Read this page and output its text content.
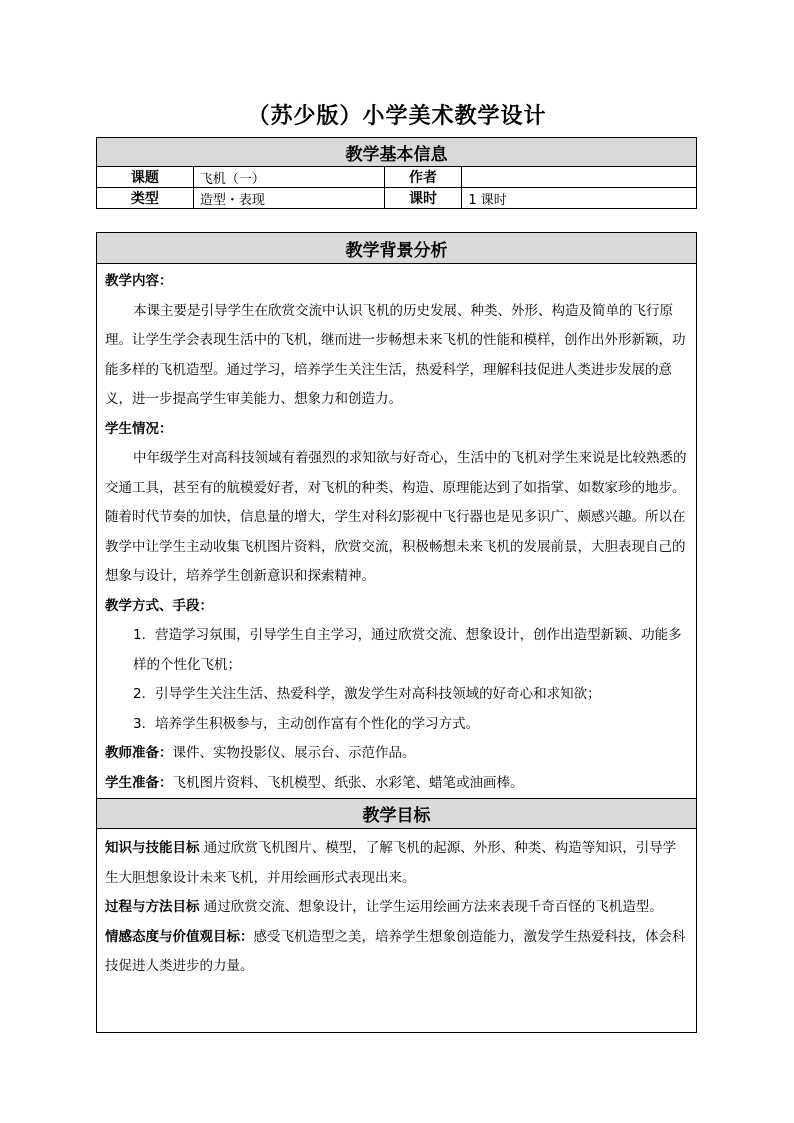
（苏少版）小学美术教学设计
教学基本信息			
课题	飞机（一）	作者	
类型	造型・表现	课时	1 课时
教学背景分析

教学内容：

本课主要是引导学生在欣赏交流中认识飞机的历史发展、种类、外形、构造及简单的飞行原理。让学生学会表现生活中的飞机，继而进一步畅想未来飞机的性能和模样，创作出外形新颖，功能多样的飞机造型。通过学习，培养学生关注生活，热爱科学，理解科技促进人类进步发展的意义，进一步提高学生审美能力、想象力和创造力。

学生情况：

中年级学生对高科技领域有着强烈的求知欲与好奇心，生活中的飞机对学生来说是比较熟悉的交通工具，甚至有的航模爱好者，对飞机的种类、构造、原理能达到了如指掌、如数家珍的地步。随着时代节奏的加快，信息量的增大，学生对科幻影视中飞行器也是见多识广、颇感兴趣。所以在教学中让学生主动收集飞机图片资料，欣赏交流，积极畅想未来飞机的发展前景，大胆表现自己的想象与设计，培养学生创新意识和探索精神。

教学方式、手段：

1．营造学习氛围，引导学生自主学习，通过欣赏交流、想象设计，创作出造型新颖、功能多样的个性化飞机；

2．引导学生关注生活、热爱科学，激发学生对高科技领域的好奇心和求知欲；

3．培养学生积极参与，主动创作富有个性化的学习方式。

教师准备：课件、实物投影仪、展示台、示范作品。

学生准备：飞机图片资料、飞机模型、纸张、水彩笔、蜡笔或油画棒。

教学目标

知识与技能目标 通过欣赏飞机图片、模型，了解飞机的起源、外形、种类、构造等知识，引导学生大胆想象设计未来飞机，并用绘画形式表现出来。

过程与方法目标 通过欣赏交流、想象设计，让学生运用绘画方法来表现千奇百怪的飞机造型。

情感态度与价值观目标：感受飞机造型之美，培养学生想象创造能力，激发学生热爱科技，体会科技促进人类进步的力量。
